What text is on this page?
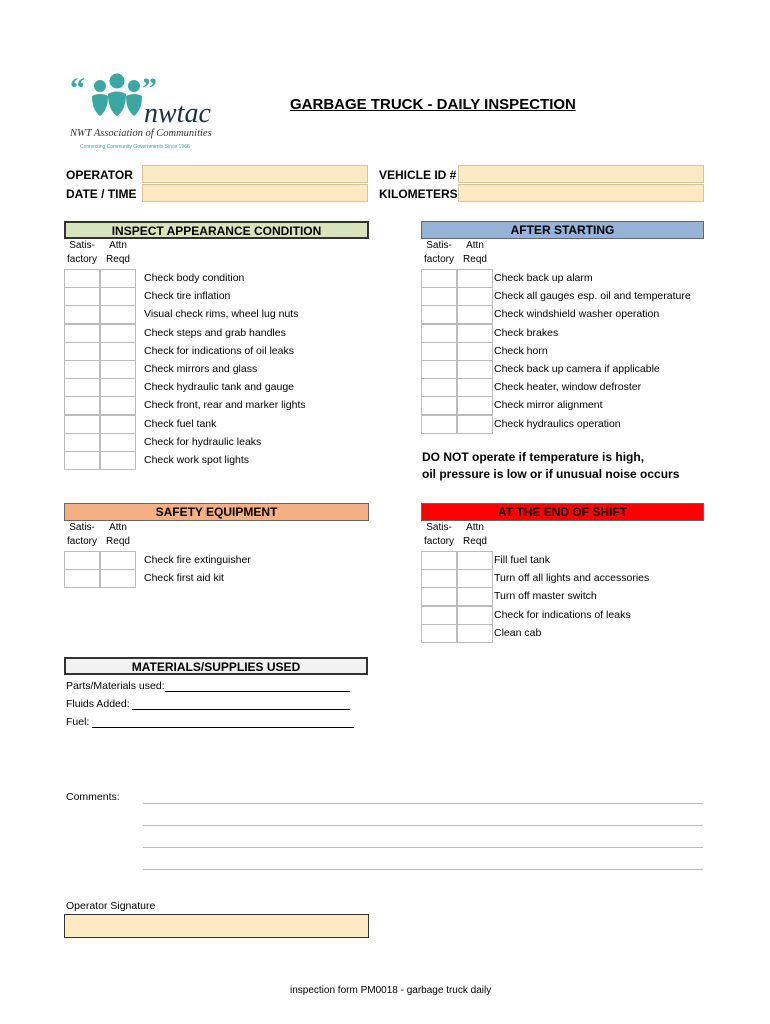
“ ”
nwtac
NWT Association of Communities
Connecting Community Governments Since 1966
GARBAGE TRUCK - DAILY INSPECTION
OPERATOR
DATE / TIME
VEHICLE ID #
KILOMETERS
INSPECT APPEARANCE CONDITION
Satis-
factory
Attn
Reqd
Check body condition
Check tire inflation
Visual check rims, wheel lug nuts
Check steps and grab handles
Check for indications of oil leaks
Check mirrors and glass
Check hydraulic tank and gauge
Check front, rear and marker lights
Check fuel tank
Check for hydraulic leaks
Check work spot lights
AFTER STARTING
Satis-
factory
Attn
Reqd
Check back up alarm
Check all gauges esp. oil and temperature
Check windshield washer operation
Check brakes
Check horn
Check back up camera if applicable
Check heater, window defroster
Check mirror alignment
Check hydraulics operation
SAFETY EQUIPMENT
Satis-
factory
Attn
Reqd
Check fire extinguisher
Check first aid kit
AT THE END OF SHIFT
Satis-
factory
Attn
Reqd
Fill fuel tank
Turn off all lights and accessories
Turn off master switch
Check for indications of leaks
Clean cab
DO NOT operate if temperature is high,
oil pressure is low or if unusual noise occurs
MATERIALS/SUPPLIES USED
Parts/Materials used:
Fluids Added:
Fuel:
Comments:
Operator Signature
inspection form PM0018 - garbage truck daily
